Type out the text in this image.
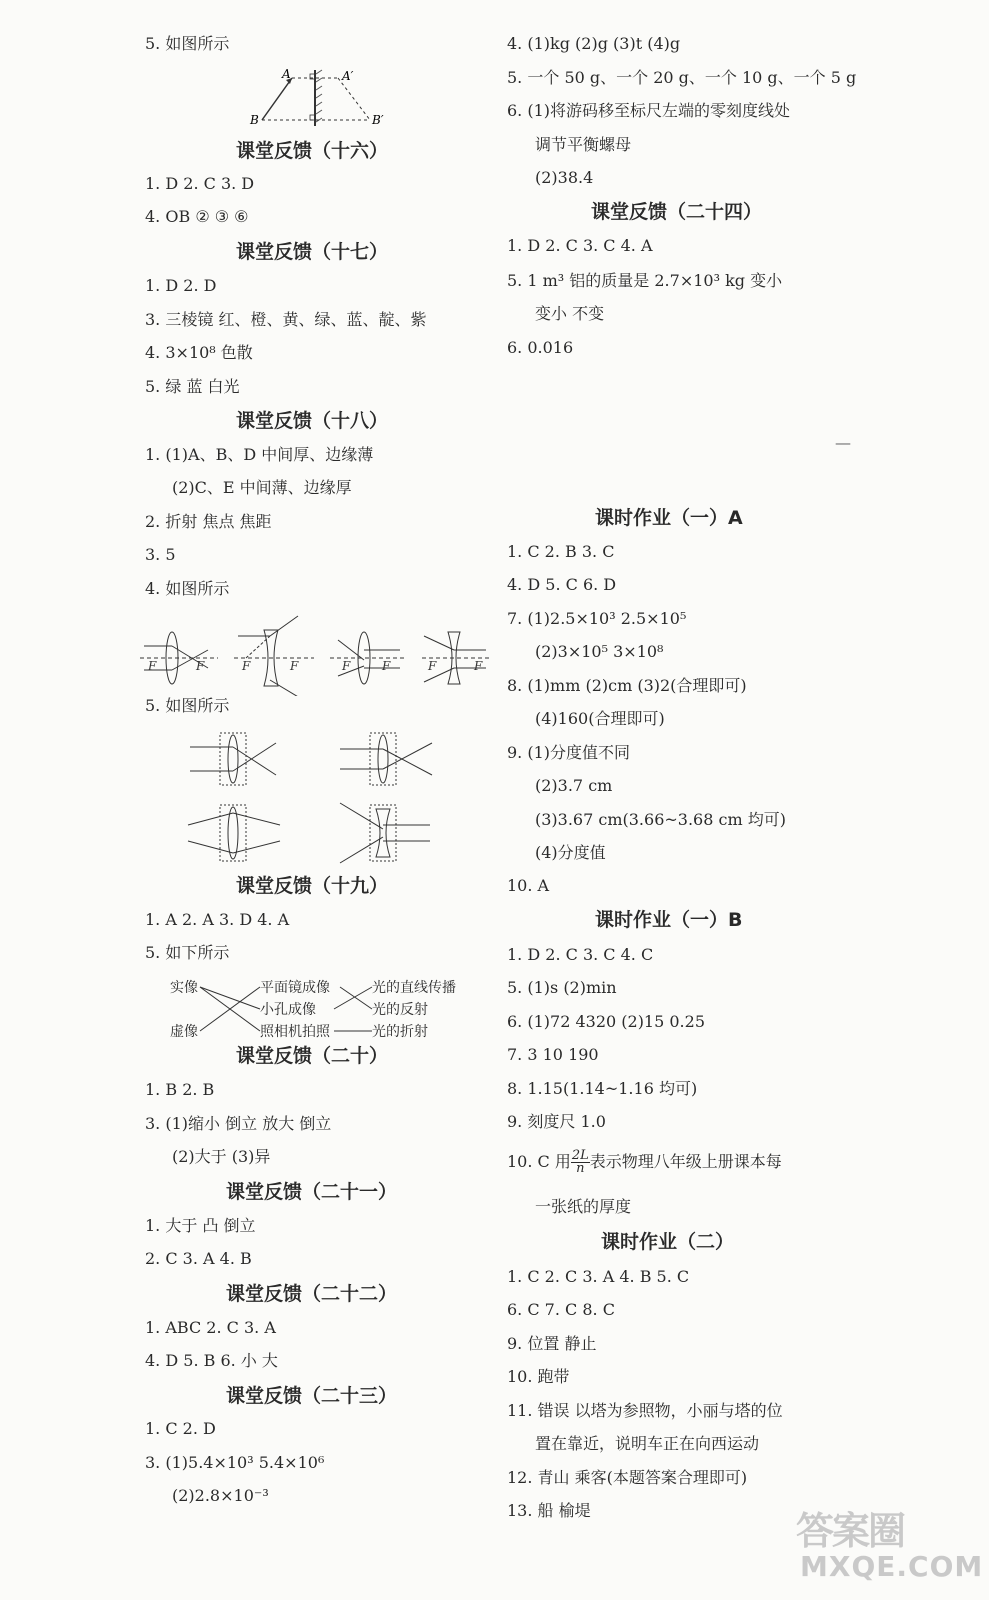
5. 如图所示
A	A′
B	B′
课堂反馈（十六）
1. D 2. C 3. D
4. OB ② ③ ⑥
课堂反馈（十七）
1. D 2. D
3. 三棱镜 红、橙、黄、绿、蓝、靛、紫
4. 3×10⁸ 色散
5. 绿 蓝 白光
课堂反馈（十八）
1. (1)A、B、D 中间厚、边缘薄
(2)C、E 中间薄、边缘厚
2. 折射 焦点 焦距
3. 5
4. 如图所示
F	F	F	F	F	F	F	F
5. 如图所示
课堂反馈（十九）
1. A 2. A 3. D 4. A
5. 如下所示
实像
虚像
平面镜成像
小孔成像
照相机拍照
光的直线传播
光的反射
光的折射
课堂反馈（二十）
1. B 2. B
3. (1)缩小 倒立 放大 倒立
(2)大于 (3)异
课堂反馈（二十一）
1. 大于 凸 倒立
2. C 3. A 4. B
课堂反馈（二十二）
1. ABC 2. C 3. A
4. D 5. B 6. 小 大
课堂反馈（二十三）
1. C 2. D
3. (1)5.4×10³ 5.4×10⁶
(2)2.8×10⁻³
4. (1)kg (2)g (3)t (4)g
5. 一个 50 g、一个 20 g、一个 10 g、一个 5 g
6. (1)将游码移至标尺左端的零刻度线处
调节平衡螺母
(2)38.4
课堂反馈（二十四）
1. D 2. C 3. C 4. A
5. 1 m³ 铝的质量是 2.7×10³ kg 变小
变小 不变
6. 0.016
—
课时作业（一）A
1. C 2. B 3. C
4. D 5. C 6. D
7. (1)2.5×10³ 2.5×10⁵
(2)3×10⁵ 3×10⁸
8. (1)mm (2)cm (3)2(合理即可)
(4)160(合理即可)
9. (1)分度值不同
(2)3.7 cm
(3)3.67 cm(3.66~3.68 cm 均可)
(4)分度值
10. A
课时作业（一）B
1. D 2. C 3. C 4. C
5. (1)s (2)min
6. (1)72 4320 (2)15 0.25
7. 3 10 190
8. 1.15(1.14~1.16 均可)
9. 刻度尺 1.0
10. C 用 $\frac{2L}{n}$ 表示物理八年级上册课本每
一张纸的厚度
课时作业（二）
1. C 2. C 3. A 4. B 5. C
6. C 7. C 8. C
9. 位置 静止
10. 跑带
11. 错误 以塔为参照物，小丽与塔的位
置在靠近，说明车正在向西运动
12. 青山 乘客(本题答案合理即可)
13. 船 榆堤	答案圈
MXQE.COM
